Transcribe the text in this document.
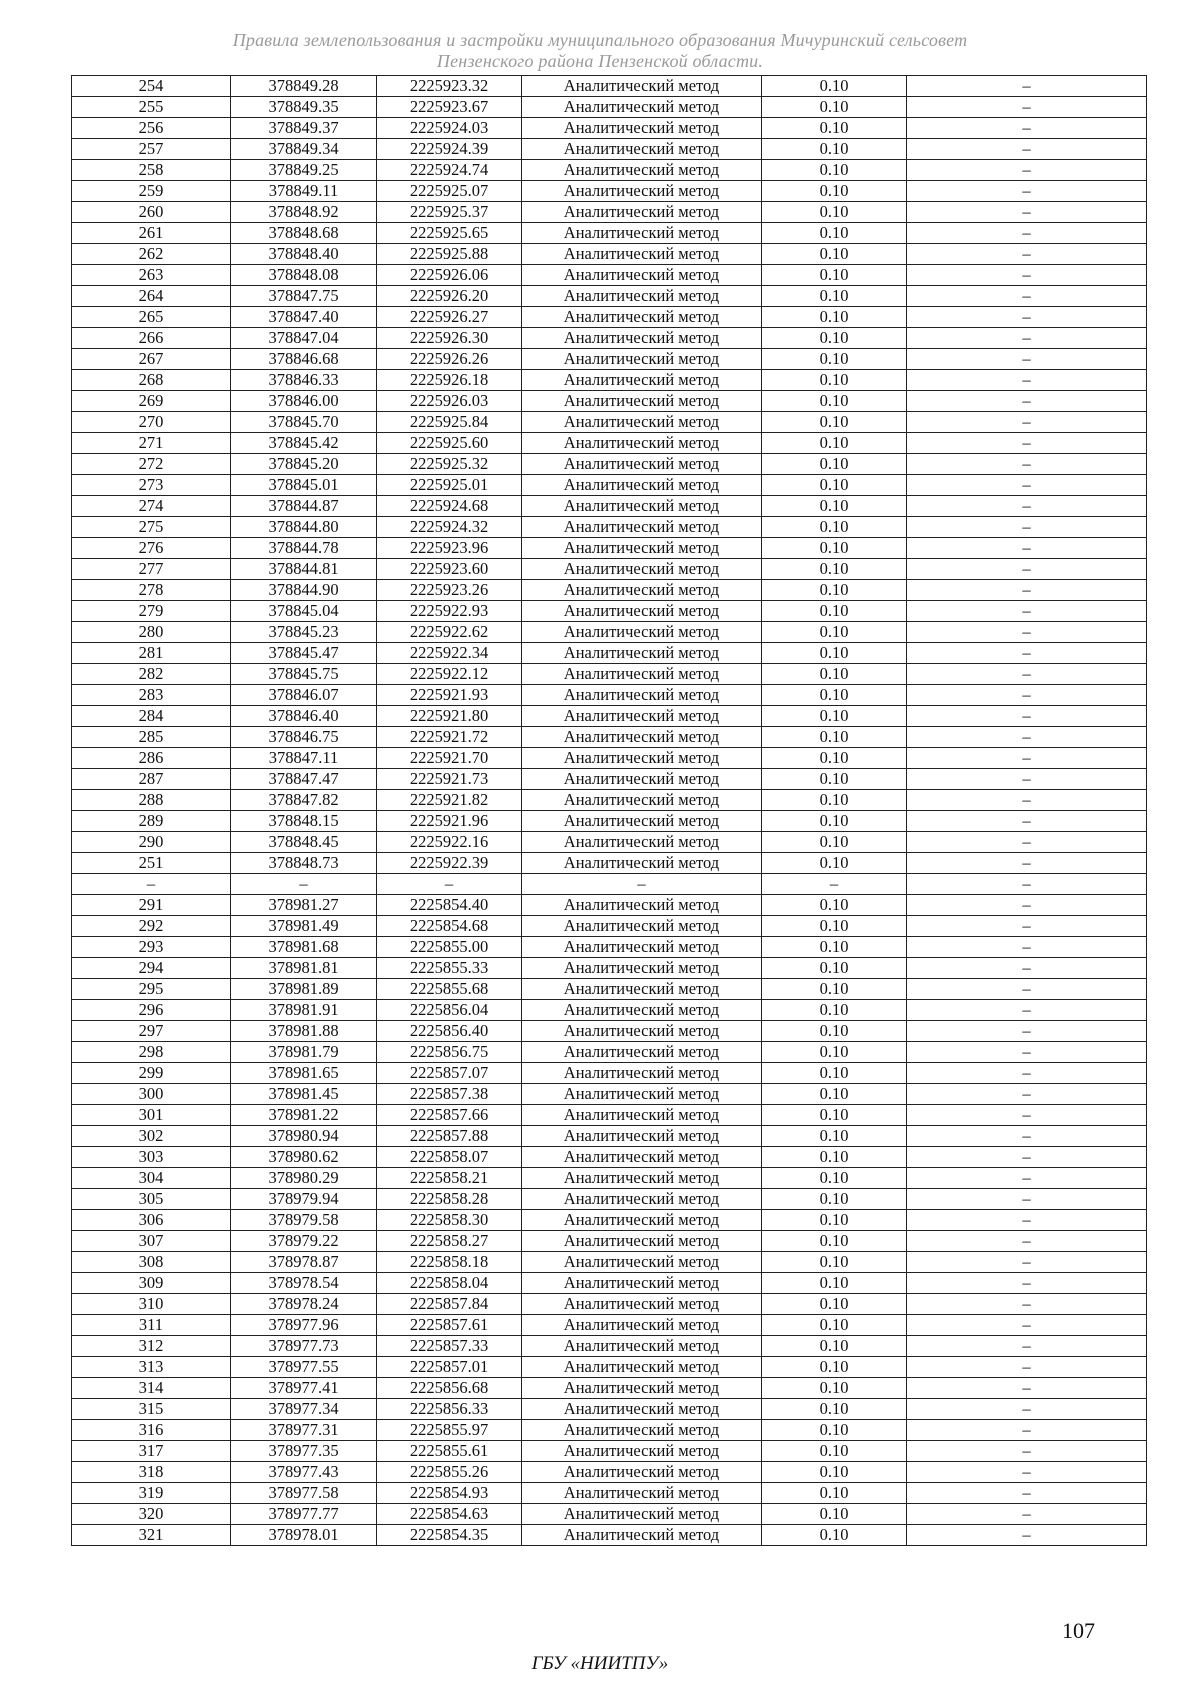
Правила землепользования и застройки муниципального образования Мичуринский сельсовет
Пензенского района Пензенской области.
254	378849.28	2225923.32	Аналитический метод	0.10	–
255	378849.35	2225923.67	Аналитический метод	0.10	–
256	378849.37	2225924.03	Аналитический метод	0.10	–
257	378849.34	2225924.39	Аналитический метод	0.10	–
258	378849.25	2225924.74	Аналитический метод	0.10	–
259	378849.11	2225925.07	Аналитический метод	0.10	–
260	378848.92	2225925.37	Аналитический метод	0.10	–
261	378848.68	2225925.65	Аналитический метод	0.10	–
262	378848.40	2225925.88	Аналитический метод	0.10	–
263	378848.08	2225926.06	Аналитический метод	0.10	–
264	378847.75	2225926.20	Аналитический метод	0.10	–
265	378847.40	2225926.27	Аналитический метод	0.10	–
266	378847.04	2225926.30	Аналитический метод	0.10	–
267	378846.68	2225926.26	Аналитический метод	0.10	–
268	378846.33	2225926.18	Аналитический метод	0.10	–
269	378846.00	2225926.03	Аналитический метод	0.10	–
270	378845.70	2225925.84	Аналитический метод	0.10	–
271	378845.42	2225925.60	Аналитический метод	0.10	–
272	378845.20	2225925.32	Аналитический метод	0.10	–
273	378845.01	2225925.01	Аналитический метод	0.10	–
274	378844.87	2225924.68	Аналитический метод	0.10	–
275	378844.80	2225924.32	Аналитический метод	0.10	–
276	378844.78	2225923.96	Аналитический метод	0.10	–
277	378844.81	2225923.60	Аналитический метод	0.10	–
278	378844.90	2225923.26	Аналитический метод	0.10	–
279	378845.04	2225922.93	Аналитический метод	0.10	–
280	378845.23	2225922.62	Аналитический метод	0.10	–
281	378845.47	2225922.34	Аналитический метод	0.10	–
282	378845.75	2225922.12	Аналитический метод	0.10	–
283	378846.07	2225921.93	Аналитический метод	0.10	–
284	378846.40	2225921.80	Аналитический метод	0.10	–
285	378846.75	2225921.72	Аналитический метод	0.10	–
286	378847.11	2225921.70	Аналитический метод	0.10	–
287	378847.47	2225921.73	Аналитический метод	0.10	–
288	378847.82	2225921.82	Аналитический метод	0.10	–
289	378848.15	2225921.96	Аналитический метод	0.10	–
290	378848.45	2225922.16	Аналитический метод	0.10	–
251	378848.73	2225922.39	Аналитический метод	0.10	–
–	–	–	–	–	–
291	378981.27	2225854.40	Аналитический метод	0.10	–
292	378981.49	2225854.68	Аналитический метод	0.10	–
293	378981.68	2225855.00	Аналитический метод	0.10	–
294	378981.81	2225855.33	Аналитический метод	0.10	–
295	378981.89	2225855.68	Аналитический метод	0.10	–
296	378981.91	2225856.04	Аналитический метод	0.10	–
297	378981.88	2225856.40	Аналитический метод	0.10	–
298	378981.79	2225856.75	Аналитический метод	0.10	–
299	378981.65	2225857.07	Аналитический метод	0.10	–
300	378981.45	2225857.38	Аналитический метод	0.10	–
301	378981.22	2225857.66	Аналитический метод	0.10	–
302	378980.94	2225857.88	Аналитический метод	0.10	–
303	378980.62	2225858.07	Аналитический метод	0.10	–
304	378980.29	2225858.21	Аналитический метод	0.10	–
305	378979.94	2225858.28	Аналитический метод	0.10	–
306	378979.58	2225858.30	Аналитический метод	0.10	–
307	378979.22	2225858.27	Аналитический метод	0.10	–
308	378978.87	2225858.18	Аналитический метод	0.10	–
309	378978.54	2225858.04	Аналитический метод	0.10	–
310	378978.24	2225857.84	Аналитический метод	0.10	–
311	378977.96	2225857.61	Аналитический метод	0.10	–
312	378977.73	2225857.33	Аналитический метод	0.10	–
313	378977.55	2225857.01	Аналитический метод	0.10	–
314	378977.41	2225856.68	Аналитический метод	0.10	–
315	378977.34	2225856.33	Аналитический метод	0.10	–
316	378977.31	2225855.97	Аналитический метод	0.10	–
317	378977.35	2225855.61	Аналитический метод	0.10	–
318	378977.43	2225855.26	Аналитический метод	0.10	–
319	378977.58	2225854.93	Аналитический метод	0.10	–
320	378977.77	2225854.63	Аналитический метод	0.10	–
321	378978.01	2225854.35	Аналитический метод	0.10	–
107
ГБУ «НИИТПУ»
